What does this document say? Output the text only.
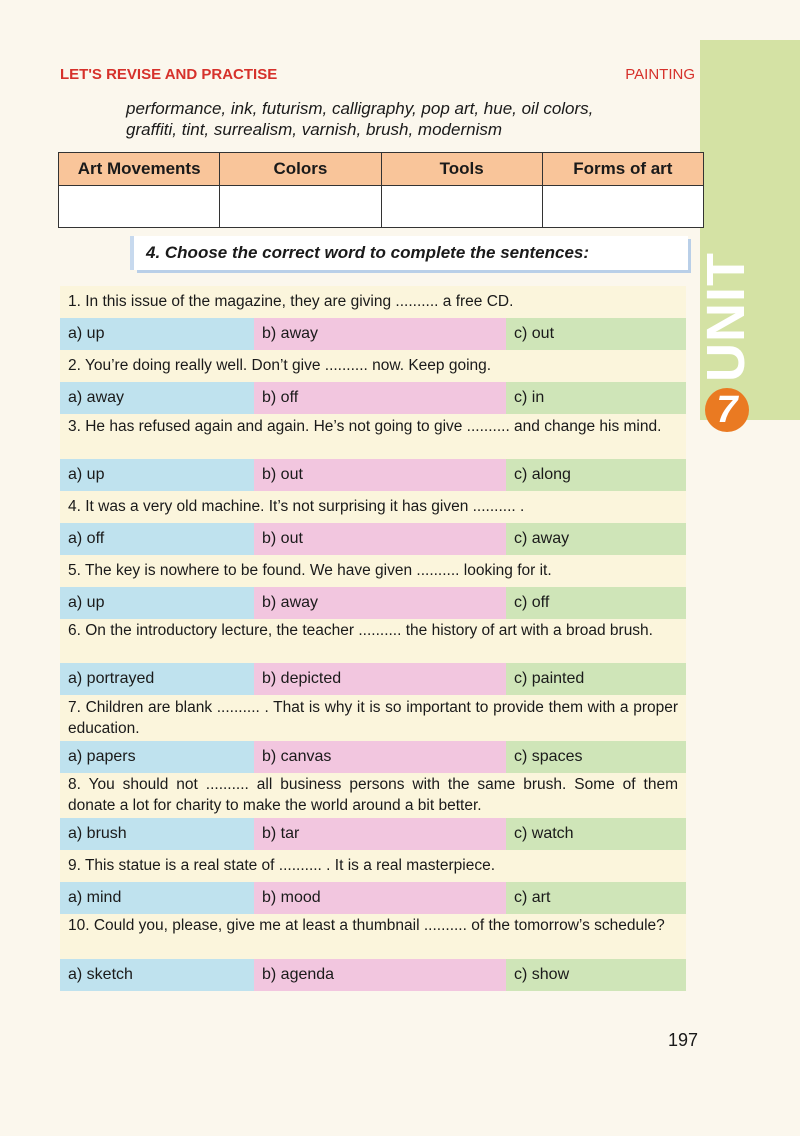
UNIT
7
LET'S REVISE AND PRACTISE	PAINTING
performance, ink, futurism, calligraphy, pop art, hue, oil colors,
graffiti, tint, surrealism, varnish, brush, modernism
Art Movements	Colors	Tools	Forms of art

4. Choose the correct word to complete the sentences:
1. In this issue of the magazine, they are giving .......... a free CD.
a) up	b) away	c) out
2. You’re doing really well. Don’t give .......... now. Keep going.
a) away	b) off	c) in
3. He has refused again and again. He’s not going to give .......... and change his mind.
a) up	b) out	c) along
4. It was a very old machine. It’s not surprising it has given .......... .
a) off	b) out	c) away
5. The key is nowhere to be found. We have given .......... looking for it.
a) up	b) away	c) off
6. On the introductory lecture, the teacher .......... the history of art with a broad brush.
a) portrayed	b) depicted	c) painted
7. Children are blank .......... . That is why it is so important to provide them with a proper education.
a) papers	b) canvas	c) spaces
8. You should not .......... all business persons with the same brush. Some of them donate a lot for charity to make the world around a bit better.
a) brush	b) tar	c) watch
9. This statue is a real state of .......... . It is a real masterpiece.
a) mind	b) mood	c) art
10. Could you, please, give me at least a thumbnail .......... of the tomorrow’s schedule?
a) sketch	b) agenda	c) show
197
